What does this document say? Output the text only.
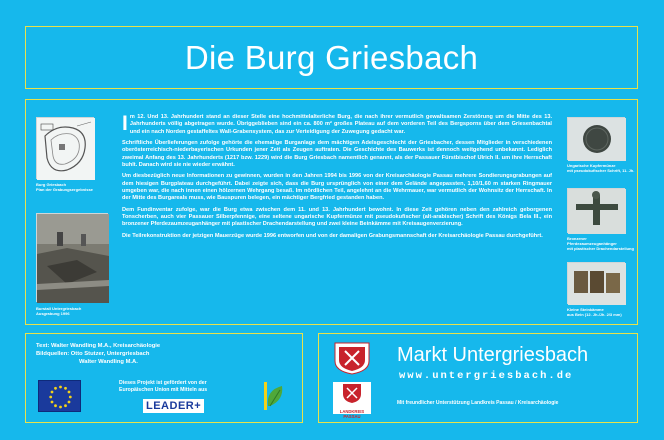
Die Burg Griesbach
Burg Griesbach
Plan der Grabungsergebnisse
Burstall Untergriesbach
Ausgrabung 1996

Im 12. Und 13. Jahrhundert stand an dieser Stelle eine hochmittelalterliche Burg, die nach ihrer vermutlich gewaltsamen Zerstörung um die Mitte des 13. Jahrhunderts völlig abgetragen wurde. Übriggeblieben sind ein ca. 800 m² großes Plateau auf dem vorderen Teil des Bergsporns über dem Griesenbachtal und ein nach Norden gestaffeltes Wall-Grabensystem, das zur Verteidigung der Zuwegung gedacht war.

Schriftliche Überlieferungen zufolge gehörte die ehemalige Burganlage dem mächtigen Adelsgeschlecht der Griesbacher, dessen Mitglieder in verschiedenen oberösterreichisch-niederbayerischen Urkunden jener Zeit als Zeugen auftraten. Die Geschichte des Bauwerks ist dennoch weitgehend unbekannt. Lediglich zweimal Anfang des 13. Jahrhunderts (1217 bzw. 1229) wird die Burg Griesbach namentlich genannt, als der Passauer Fürstbischof Ulrich II. um ihre Herrschaft buhlt. Danach wird sie nie wieder erwähnt.

Um diesbezüglich neue Informationen zu gewinnen, wurden in den Jahren 1994 bis 1996 von der Kreisarchäologie Passau mehrere Sondierungsgrabungen auf dem hiesigen Burgplateau durchgeführt. Dabei zeigte sich, dass die Burg ursprünglich von einer dem Gelände angepassten, 1,10/1,60 m starken Ringmauer umgeben war, die nach innen einen hölzernen Wehrgang besaß. Im nördlichen Teil, angelehnt an die Wehrmauer, war vermutlich der Wohnsitz der Herrschaft. In der Mitte des Burgareals muss, wie Bauspuren belegen, ein mächtiger Bergfried gestanden haben.

Dem Fundinventar zufolge, war die Burg etwa zwischen dem 11. und 13. Jahrhundert bewohnt. In diese Zeit gehören neben den zahlreich geborgenen Tonscherben, auch vier Passauer Silberpfennige, eine seltene ungarische Kupfermünze mit pseudokufischer (alt-arabischer) Schrift des Königs Bela III., ein bronzener Pferdezaumzeuganhänger mit plastischer Drachendarstellung und zwei kleine Beinkämme mit Kreisaugenverzierung.

Die Teilrekonstruktion der jetzigen Mauerzüge wurde 1996 entworfen und von der damaligen Grabungsmannschaft der Kreisarchäologie Passau durchgeführt.

Ungarische Kupfermünze
mit pseudokufischer Schrift, 11. Jh.
Bronzener Pferdezaumzeuganhänger
mit plastischer Drachendarstellung
Kleine Steinkämme
aus Bein (12. Jh./Jh. 2/3 mm)
Text: Walter Wandling M.A., Kreisarchäologie
Bildquellen: Otto Stutzer, Untergriesbach
Walter Wandling M.A.
Dieses Projekt ist gefördert von der Europäischen Union mit Mitteln aus
LEADER+	LANDKREIS PASSAU
Markt Untergriesbach
www.untergriesbach.de
Mit freundlicher Unterstützung Landkreis Passau / Kreisarchäologie
